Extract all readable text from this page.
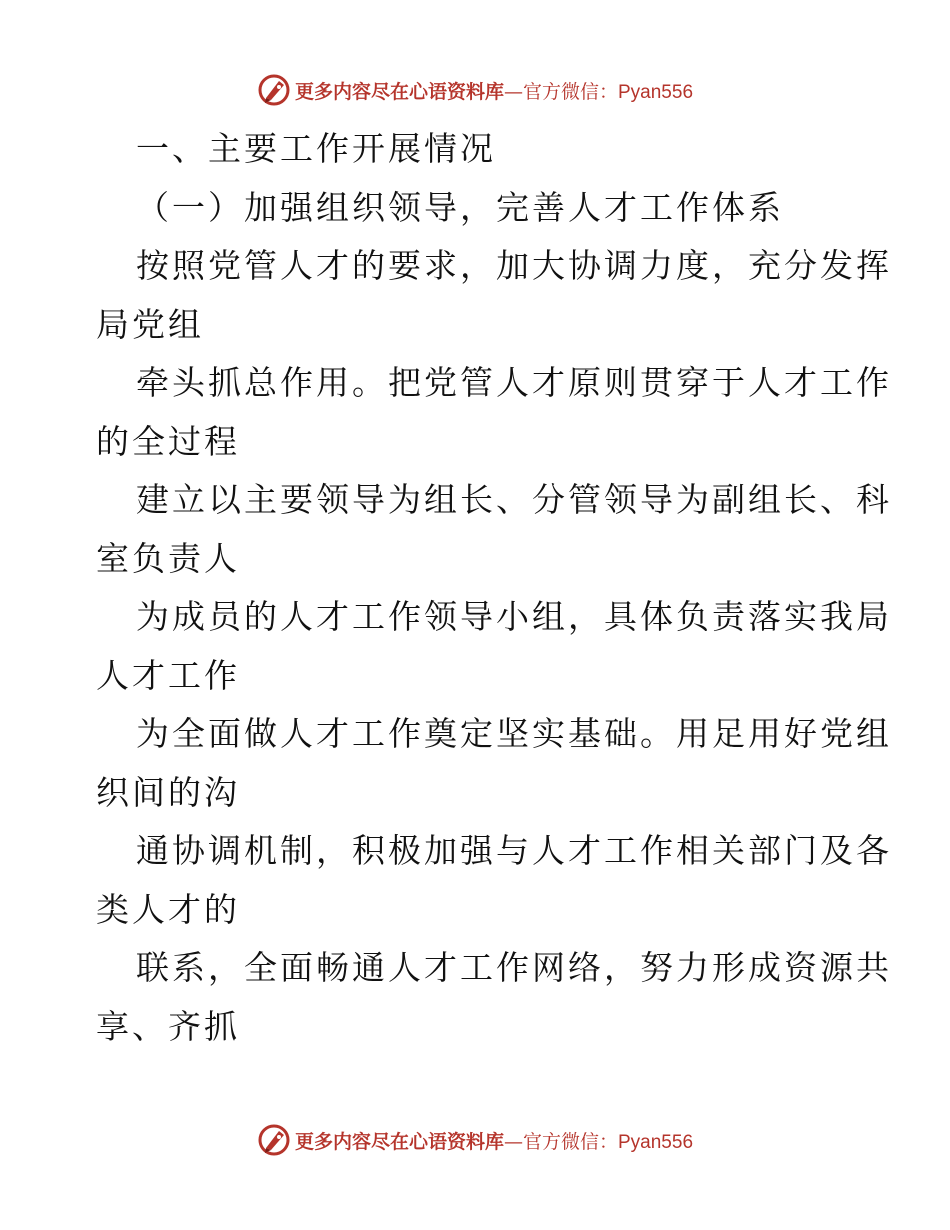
更多内容尽在心语资料库—官方微信：Pyan556
一、主要工作开展情况
（一）加强组织领导，完善人才工作体系
按照党管人才的要求，加大协调力度，充分发挥
局党组
牵头抓总作用。把党管人才原则贯穿于人才工作
的全过程
建立以主要领导为组长、分管领导为副组长、科
室负责人
为成员的人才工作领导小组，具体负责落实我局
人才工作
为全面做人才工作奠定坚实基础。用足用好党组
织间的沟
通协调机制，积极加强与人才工作相关部门及各
类人才的
联系，全面畅通人才工作网络，努力形成资源共
享、齐抓
更多内容尽在心语资料库—官方微信：Pyan556
